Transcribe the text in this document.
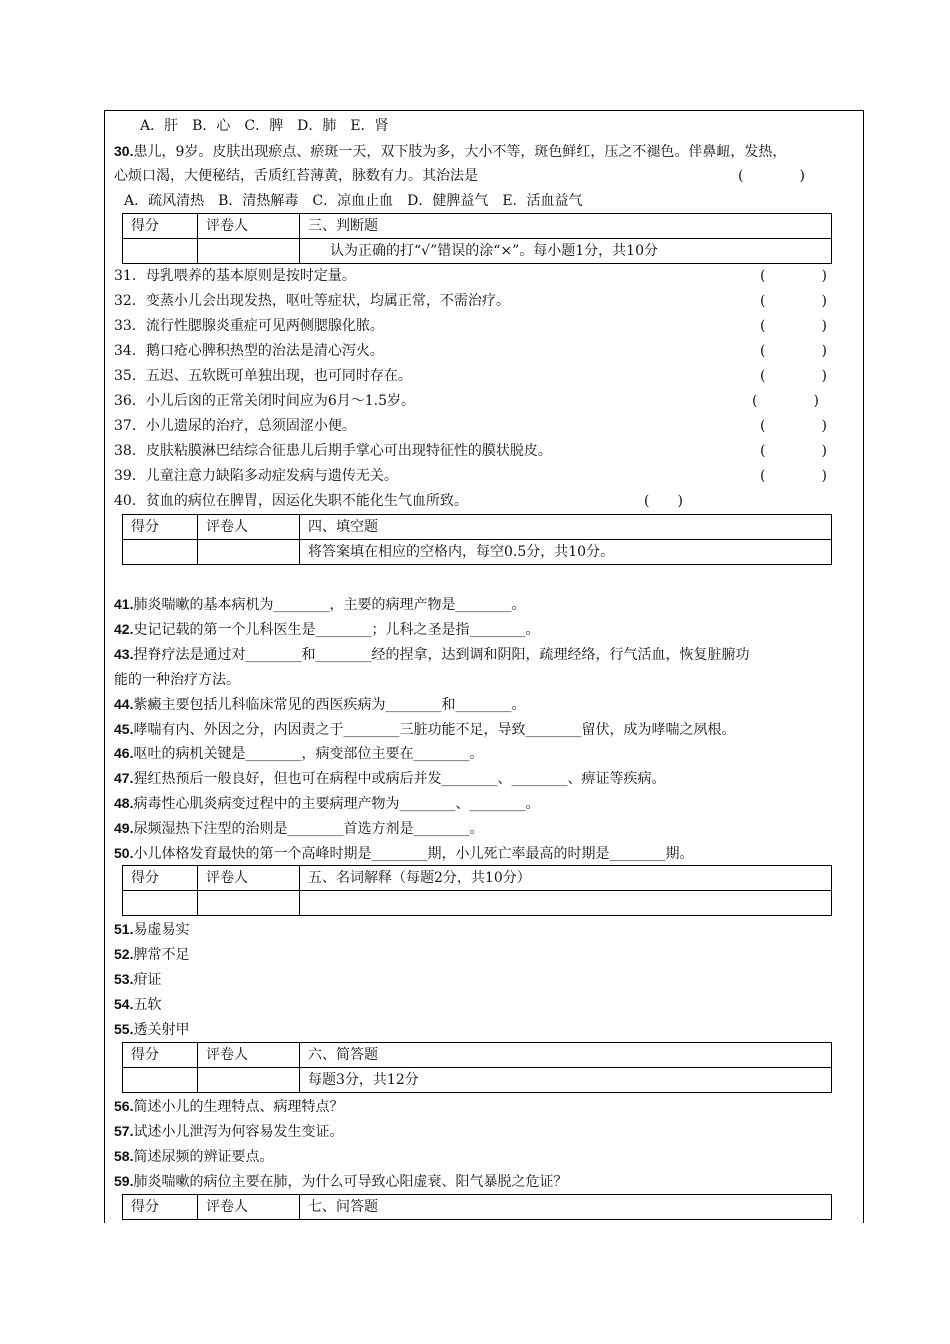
A．肝　B．心　C．脾　D．肺　E．肾
30.患儿，9岁。皮肤出现瘀点、瘀斑一天，双下肢为多，大小不等，斑色鲜红，压之不褪色。伴鼻衄，发热，
心烦口渴，大便秘结，舌质红苔薄黄，脉数有力。其治法是	(　　　　)
A．疏风清热　B．清热解毒　C．凉血止血　D．健脾益气　E．活血益气
得分	评卷人	三、判断题
		认为正确的打“√”错误的涂“×”。每小题1分，共10分
31．母乳喂养的基本原则是按时定量。	(　　　　)
32．变蒸小儿会出现发热，呕吐等症状，均属正常，不需治疗。	(　　　　)
33．流行性腮腺炎重症可见两侧腮腺化脓。	(　　　　)
34．鹅口疮心脾积热型的治法是清心泻火。	(　　　　)
35．五迟、五软既可单独出现，也可同时存在。	(　　　　)
36．小儿后囟的正常关闭时间应为6月～1.5岁。	(　　　　)
37．小儿遗尿的治疗，总须固涩小便。	(　　　　)
38．皮肤粘膜淋巴结综合征患儿后期手掌心可出现特征性的膜状脱皮。	(　　　　)
39．儿童注意力缺陷多动症发病与遗传无关。	(　　　　)
40．贫血的病位在脾胃，因运化失职不能化生气血所致。	(　　)
得分	评卷人	四、填空题
		将答案填在相应的空格内，每空0.5分，共10分。
41.肺炎喘嗽的基本病机为________，主要的病理产物是________。
42.史记记载的第一个儿科医生是________；儿科之圣是指________。
43.捏脊疗法是通过对________和________经的捏拿，达到调和阴阳，疏理经络，行气活血，恢复脏腑功
能的一种治疗方法。
44.紫癜主要包括儿科临床常见的西医疾病为________和________。
45.哮喘有内、外因之分，内因责之于________三脏功能不足，导致________留伏，成为哮喘之夙根。
46.呕吐的病机关键是________，病变部位主要在________。
47.猩红热预后一般良好，但也可在病程中或病后并发________、________、痹证等疾病。
48.病毒性心肌炎病变过程中的主要病理产物为________、________。
49.尿频湿热下注型的治则是________首选方剂是________。
50.小儿体格发育最快的第一个高峰时期是________期，小儿死亡率最高的时期是________期。
得分	评卷人	五、名词解释（每题2分，共10分）

51.易虚易实
52.脾常不足
53.疳证
54.五软
55.透关射甲
得分	评卷人	六、简答题
		每题3分，共12分
56.简述小儿的生理特点、病理特点？
57.试述小儿泄泻为何容易发生变证。
58.简述尿频的辨证要点。
59.肺炎喘嗽的病位主要在肺，为什么可导致心阳虚衰、阳气暴脱之危证？
得分	评卷人	七、问答题
